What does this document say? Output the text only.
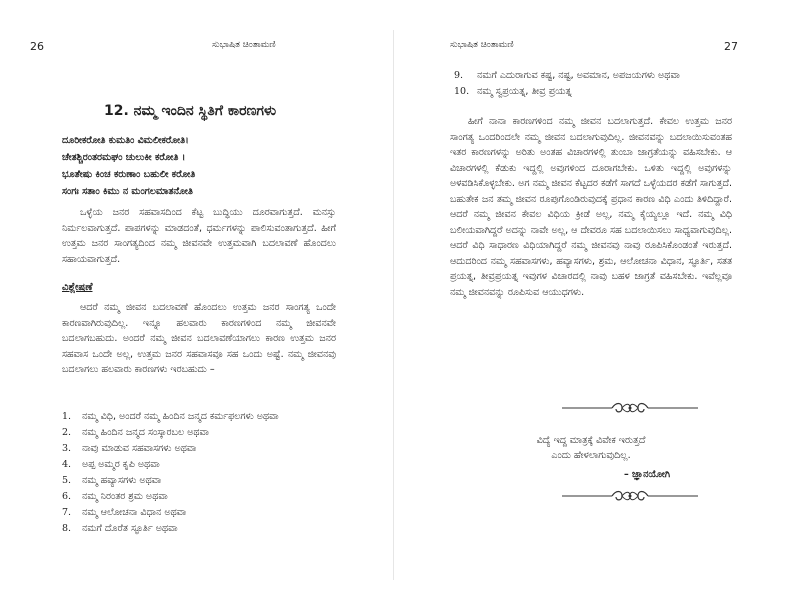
26	ಸುಭಾಷಿತ ಚಿಂತಾಮಣಿ
12. ನಮ್ಮ ಇಂದಿನ ಸ್ಥಿತಿಗೆ ಕಾರಣಗಳು
ದೂರೀಕರೋತಿ ಕುಮತಿಂ ವಿಮಲೀಕರೋತಿ।
ಚೇತಶ್ಚಿರಂತರಮಘಂ ಚುಲುಕೀ ಕರೋತಿ ।
ಭೂತೇಷು ಕಿಂಚ ಕರುಣಾಂ ಬಹುಲೀ ಕರೋತಿ
ಸಂಗಃ ಸತಾಂ ಕಿಮು ನ ಮಂಗಲಮಾತನೋತಿ
ಒಳ್ಳೆಯ ಜನರ ಸಹವಾಸದಿಂದ ಕೆಟ್ಟ ಬುದ್ಧಿಯು ದೂರವಾಗುತ್ತದೆ. ಮನಸ್ಸು ನಿರ್ಮಲವಾಗುತ್ತದೆ. ಪಾಪಗಳನ್ನು ಮಾಡದಂತೆ, ಧರ್ಮಗಳನ್ನು ಪಾಲಿಸುವಂತಾಗುತ್ತದೆ. ಹೀಗೆ ಉತ್ತಮ ಜನರ ಸಾಂಗತ್ಯದಿಂದ ನಮ್ಮ ಜೀವನವೇ ಉತ್ತಮವಾಗಿ ಬದಲಾವಣೆ ಹೊಂದಲು ಸಹಾಯವಾಗುತ್ತದೆ.
ವಿಶ್ಲೇಷಣೆ
ಆದರೆ ನಮ್ಮ ಜೀವನ ಬದಲಾವಣೆ ಹೊಂದಲು ಉತ್ತಮ ಜನರ ಸಾಂಗತ್ಯ ಒಂದೇ ಕಾರಣವಾಗಿರುವುದಿಲ್ಲ. ಇನ್ನೂ ಹಲವಾರು ಕಾರಣಗಳಿಂದ ನಮ್ಮ ಜೀವನವೇ ಬದಲಾಗಬಹುದು. ಅಂದರೆ ನಮ್ಮ ಜೀವನ ಬದಲಾವಣೆಯಾಗಲು ಕಾರಣ ಉತ್ತಮ ಜನರ ಸಹವಾಸ ಒಂದೇ ಅಲ್ಲ, ಉತ್ತಮ ಜನರ ಸಹವಾಸವೂ ಸಹ ಒಂದು ಅಷ್ಟೆ. ನಮ್ಮ ಜೀವನವು ಬದಲಾಗಲು ಹಲವಾರು ಕಾರಣಗಳು ಇರಬಹುದು –
1.
	ನಮ್ಮ ವಿಧಿ, ಅಂದರೆ ನಮ್ಮ ಹಿಂದಿನ ಜನ್ಮದ ಕರ್ಮಫಲಗಳು ಅಥವಾ
2.
	ನಮ್ಮ ಹಿಂದಿನ ಜನ್ಮದ ಸಂಸ್ಕಾರಬಲ ಅಥವಾ
3.
	ನಾವು ಮಾಡುವ ಸಹವಾಸಗಳು ಅಥವಾ
4.
	ಅಪ್ಪ ಅಮ್ಮರ ಕೃಪಿ ಅಥವಾ
5.
	ನಮ್ಮ ಹವ್ಯಾಸಗಳು ಅಥವಾ
6.
	ನಮ್ಮ ನಿರಂತರ ಶ್ರಮ ಅಥವಾ
7.
	ನಮ್ಮ ಆಲೋಚನಾ ವಿಧಾನ ಅಥವಾ
8.
	ನಮಗೆ ದೊರೆತ ಸ್ಫೂರ್ತಿ ಅಥವಾ
ಸುಭಾಷಿತ ಚಿಂತಾಮಣಿ	27
9.
	ನಮಗೆ ಎದುರಾಗುವ ಕಷ್ಟ, ನಷ್ಟ, ಅವಮಾನ, ಅಪಜಯಗಳು ಅಥವಾ
10.
ನಮ್ಮ ಸ್ವಪ್ರಯತ್ನ, ತೀವ್ರ ಪ್ರಯತ್ನ
ಹೀಗೆ ನಾನಾ ಕಾರಣಗಳಿಂದ ನಮ್ಮ ಜೀವನ ಬದಲಾಗುತ್ತದೆ. ಕೇವಲ ಉತ್ತಮ ಜನರ ಸಾಂಗತ್ಯ ಒಂದರಿಂದಲೇ ನಮ್ಮ ಜೀವನ ಬದಲಾಗುವುದಿಲ್ಲ. ಜೀವನವನ್ನು ಬದಲಾಯಿಸುವಂತಹ ಇತರ ಕಾರಣಗಳನ್ನು ಅರಿತು ಅಂತಹ ವಿಚಾರಗಳಲ್ಲಿ ತುಂಬಾ ಜಾಗ್ರತೆಯನ್ನು ವಹಿಸಬೇಕು. ಆ ವಿಚಾರಗಳಲ್ಲಿ ಕೆಡುಕು ಇದ್ದಲ್ಲಿ ಅವುಗಳಿಂದ ದೂರಾಗಬೇಕು. ಒಳಿತು ಇದ್ದಲ್ಲಿ ಅವುಗಳನ್ನು ಅಳವಡಿಸಿಕೊಳ್ಳಬೇಕು. ಅಗ ನಮ್ಮ ಜೀವನ ಕೆಟ್ಟದರ ಕಡೆಗೆ ಸಾಗದೆ ಒಳ್ಳೆಯದರ ಕಡೆಗೆ ಸಾಗುತ್ತದೆ. ಬಹುತೇಕ ಜನ ತಮ್ಮ ಜೀವನ ರೂಪುಗೊಂಡಿರುವುದಕ್ಕೆ ಪ್ರಧಾನ ಕಾರಣ ವಿಧಿ ಎಂದು ತಿಳಿದಿದ್ದಾರೆ. ಆದರೆ ನಮ್ಮ ಜೀವನ ಕೇವಲ ವಿಧಿಯ ಕ್ರೀಡೆ ಅಲ್ಲ, ನಮ್ಮ ಕೈಯ್ಯಲ್ಲೂ ಇದೆ. ನಮ್ಮ ವಿಧಿ ಬಲೀಯವಾಗಿದ್ದರೆ ಅದನ್ನು ನಾವೇ ಅಲ್ಲ, ಆ ದೇವರೂ ಸಹ ಬದಲಾಯಿಸಲು ಸಾಧ್ಯವಾಗುವುದಿಲ್ಲ. ಆದರೆ ವಿಧಿ ಸಾಧಾರಣ ವಿಧಿಯಾಗಿದ್ದರೆ ನಮ್ಮ ಜೀವನವು ನಾವು ರೂಪಿಸಿಕೊಂಡಂತೆ ಇರುತ್ತದೆ. ಆದುದರಿಂದ ನಮ್ಮ ಸಹವಾಸಗಳು, ಹವ್ಯಾಸಗಳು, ಶ್ರಮ, ಆಲೋಚನಾ ವಿಧಾನ, ಸ್ಫೂರ್ತಿ, ಸತತ ಪ್ರಯತ್ನ, ತೀವ್ರಪ್ರಯತ್ನ ಇವುಗಳ ವಿಚಾರದಲ್ಲಿ ನಾವು ಬಹಳ ಜಾಗ್ರತೆ ವಹಿಸಬೇಕು. ಇವೆಲ್ಲವೂ ನಮ್ಮ ಜೀವನವನ್ನು ರೂಪಿಸುವ ಆಯುಧಗಳು.
ವಿದ್ಯೆ ಇದ್ದ ಮಾತ್ರಕ್ಕೆ ವಿವೇಕ ಇರುತ್ತದೆ
ಎಂದು ಹೇಳಲಾಗುವುದಿಲ್ಲ.
– ಜ್ಞಾನಯೋಗಿ
